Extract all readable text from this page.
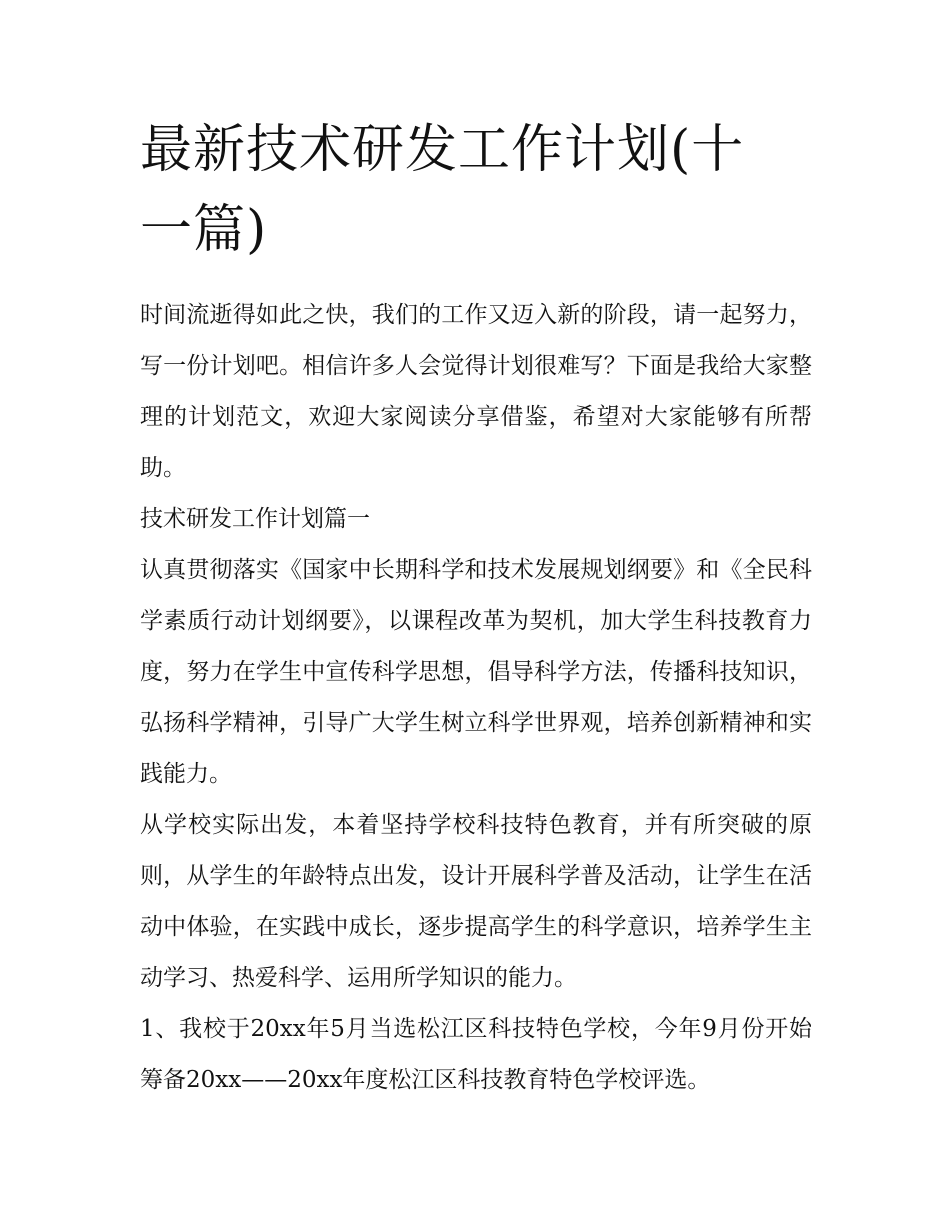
最新技术研发工作计划(十一篇)

时间流逝得如此之快，我们的工作又迈入新的阶段，请一起努力，写一份计划吧。相信许多人会觉得计划很难写？下面是我给大家整理的计划范文，欢迎大家阅读分享借鉴，希望对大家能够有所帮助。

技术研发工作计划篇一

认真贯彻落实《国家中长期科学和技术发展规划纲要》和《全民科学素质行动计划纲要》，以课程改革为契机，加大学生科技教育力度，努力在学生中宣传科学思想，倡导科学方法，传播科技知识，弘扬科学精神，引导广大学生树立科学世界观，培养创新精神和实践能力。

从学校实际出发，本着坚持学校科技特色教育，并有所突破的原则，从学生的年龄特点出发，设计开展科学普及活动，让学生在活动中体验，在实践中成长，逐步提高学生的科学意识，培养学生主动学习、热爱科学、运用所学知识的能力。

1、我校于20xx年5月当选松江区科技特色学校，今年9月份开始筹备20xx——20xx年度松江区科技教育特色学校评选。
